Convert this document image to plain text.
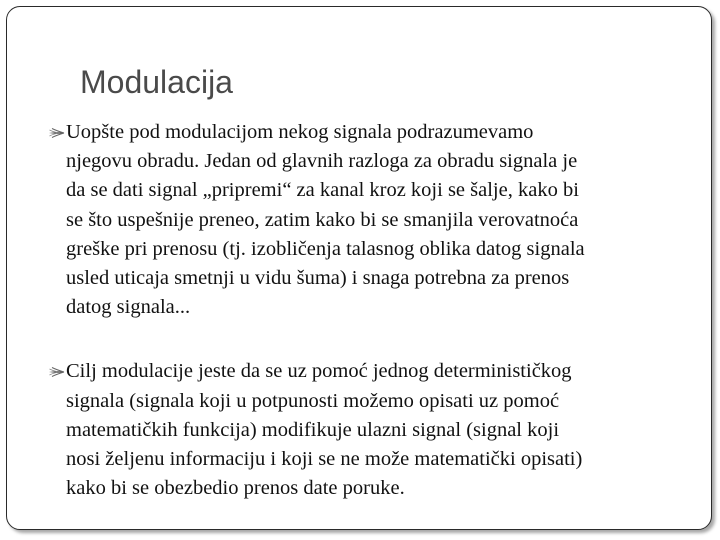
Modulacija
Uopšte pod modulacijom nekog signala podrazumevamo
njegovu obradu. Jedan od glavnih razloga za obradu signala je
da se dati signal „pripremi“ za kanal kroz koji se šalje, kako bi
se što uspešnije preneo, zatim kako bi se smanjila verovatnoća
greške pri prenosu (tj. izobličenja talasnog oblika datog signala
usled uticaja smetnji u vidu šuma) i snaga potrebna za prenos
datog signala...
Cilj modulacije jeste da se uz pomoć jednog determinističkog
signala (signala koji u potpunosti možemo opisati uz pomoć
matematičkih funkcija) modifikuje ulazni signal (signal koji
nosi željenu informaciju i koji se ne može matematički opisati)
kako bi se obezbedio prenos date poruke.
